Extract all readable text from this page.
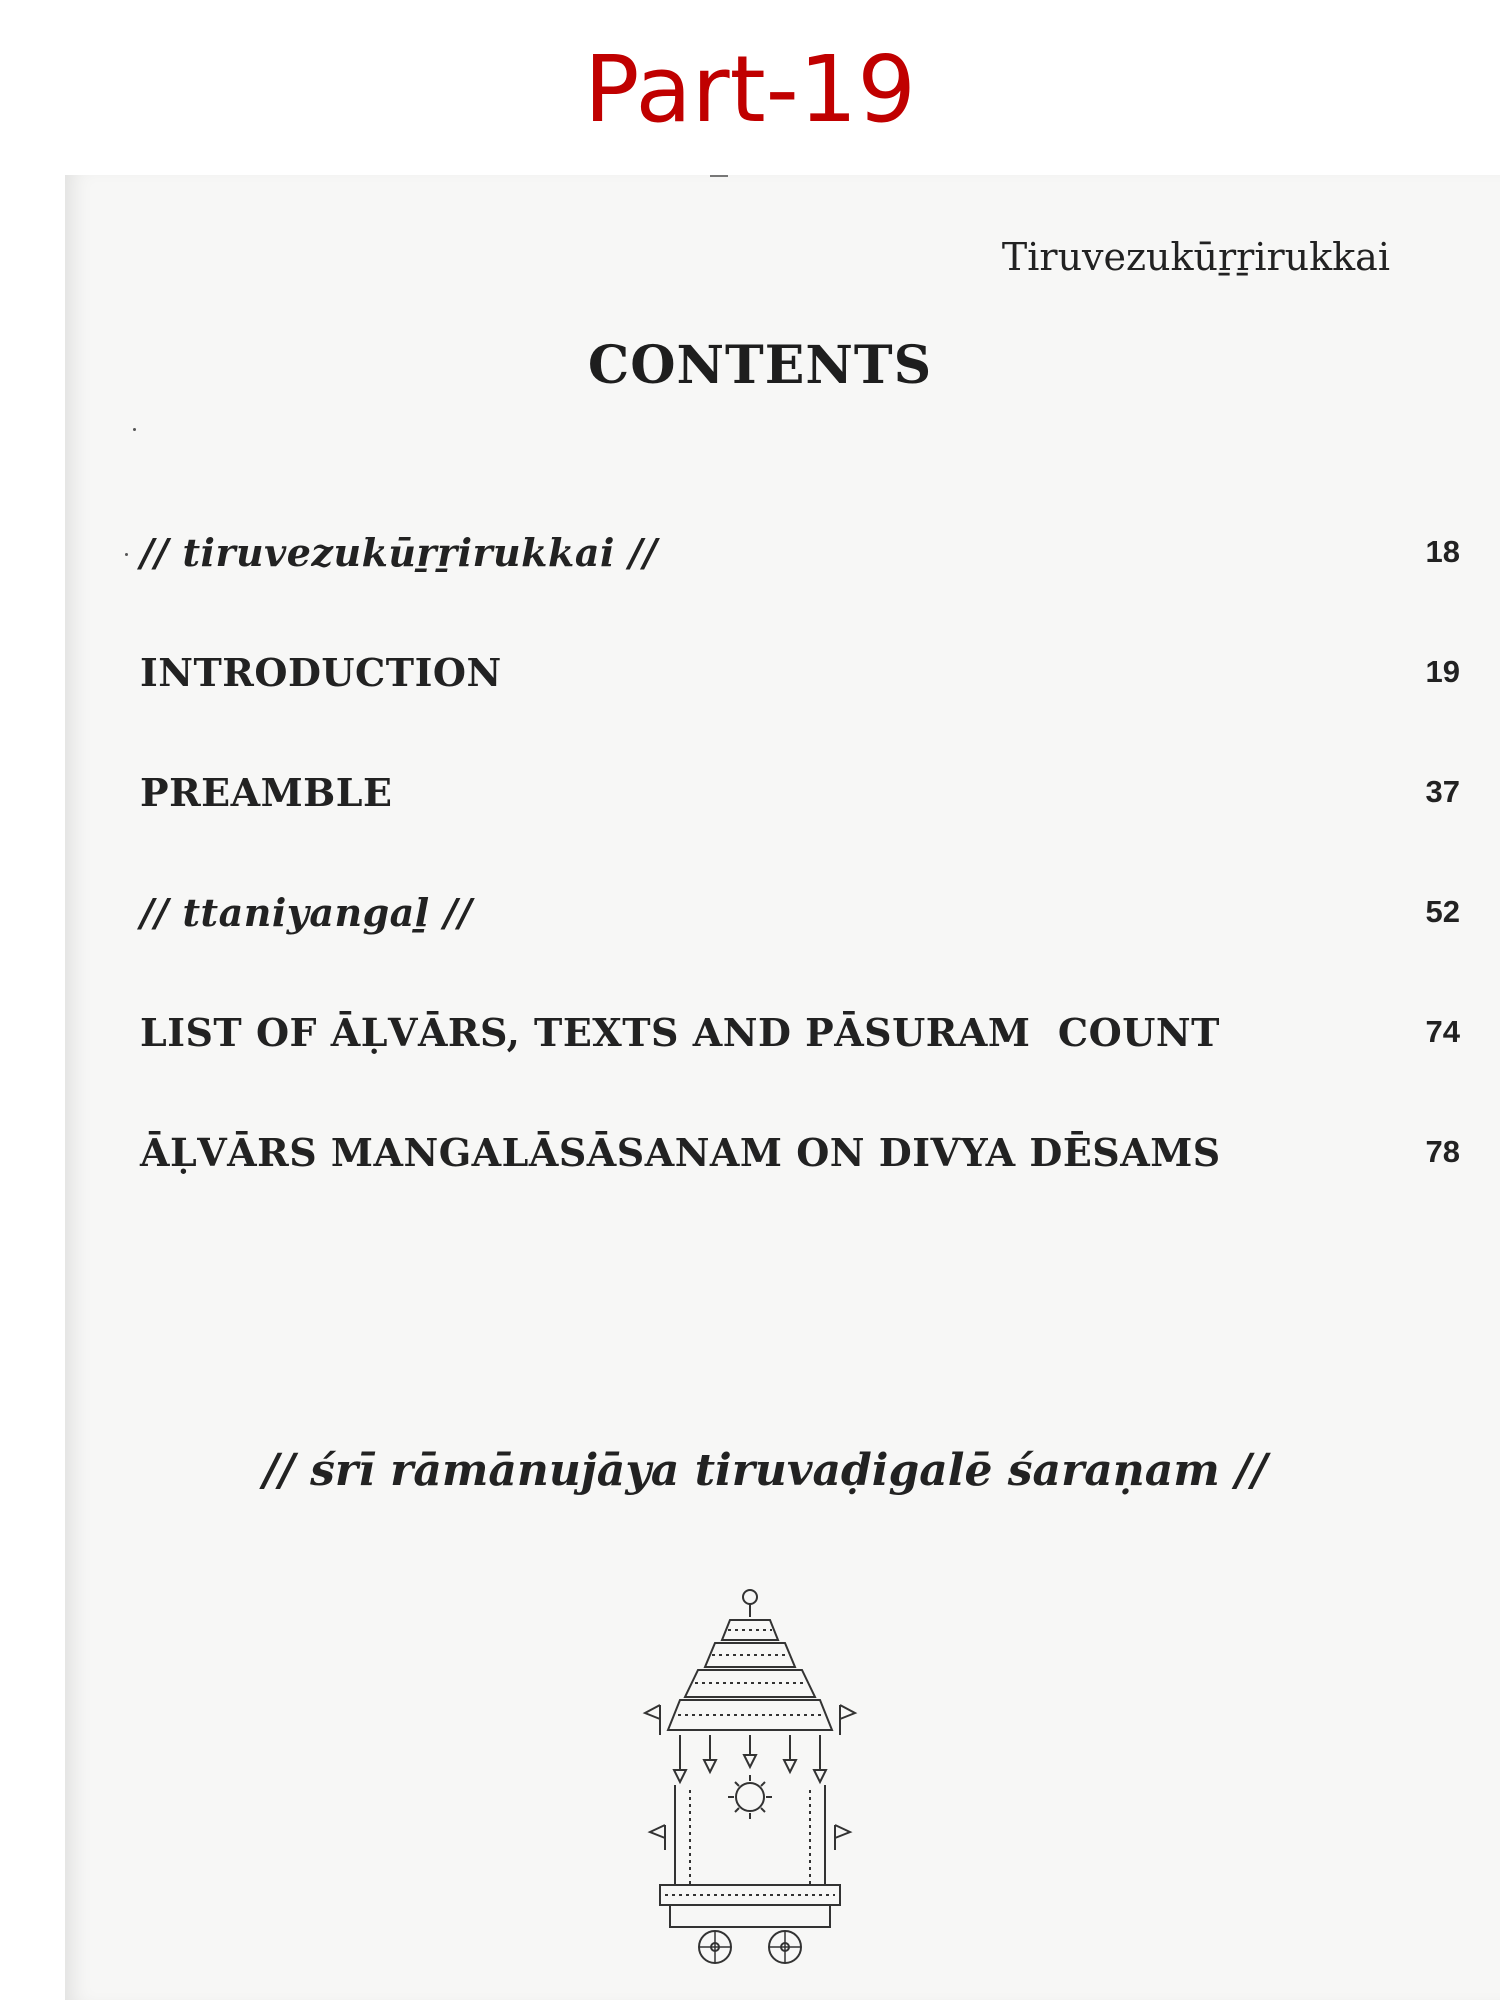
Part-19
Tiruvezukūṟṟirukkai
CONTENTS
// tiruvezukūṟṟirukkai //	18
INTRODUCTION	19
PREAMBLE	37
// ttaniyangaḻ //	52
LIST OF ĀḶVĀRS, TEXTS AND PĀSURAM  COUNT	74
ĀḶVĀRS MANGALĀSĀSANAM ON DIVYA DĒSAMS	78
// śrī rāmānujāya tiruvaḍigalē śaraṇam //
